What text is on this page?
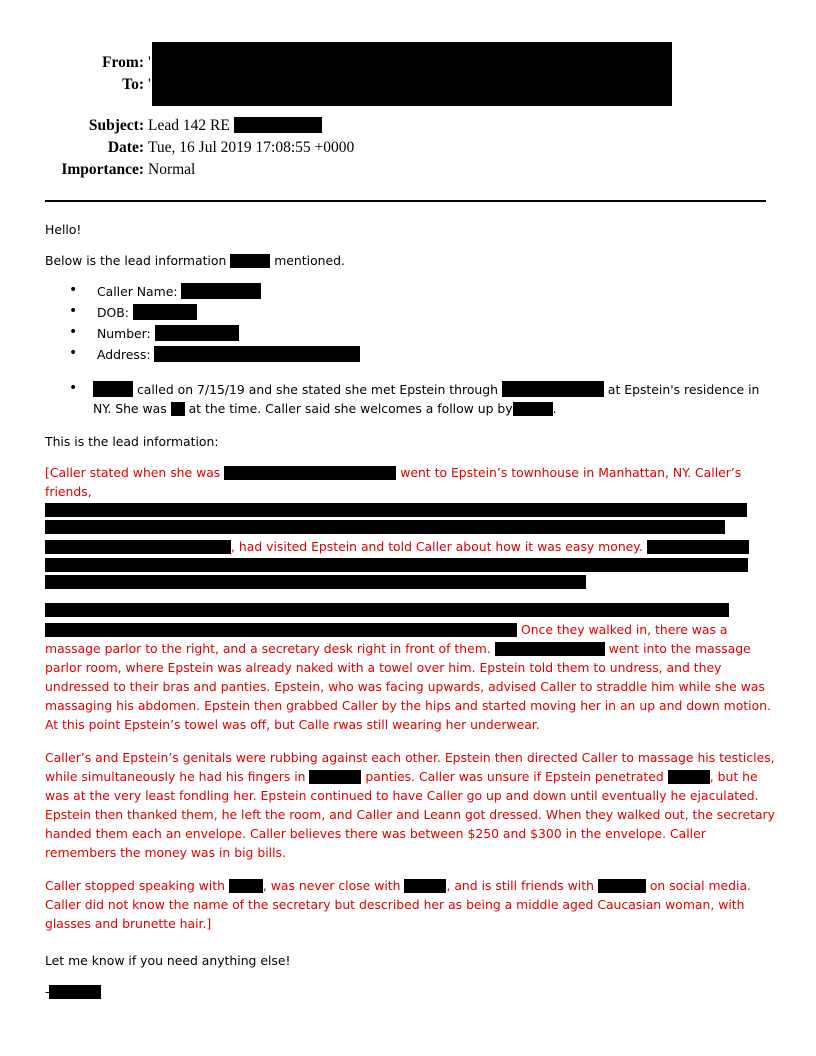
From: '
To: '
Subject: Lead 142 RE
Date: Tue, 16 Jul 2019 17:08:55 +0000
Importance: Normal

Hello!

Below is the lead information	mentioned.

• Caller Name:
• DOB:
• Number:
• Address:
• called on 7/15/19 and she stated she met Epstein through	at Epstein's residence in NY. She was at the time. Caller said she welcomes a follow up by	.

This is the lead information:

[Caller stated when she was	went to Epstein’s townhouse in Manhattan, NY. Caller’s friends,
, had visited Epstein and told Caller about how it was easy money.
Once they walked in, there was a massage parlor to the right, and a secretary desk right in front of them.	went into the massage parlor room, where Epstein was already naked with a towel over him. Epstein told them to undress, and they undressed to their bras and panties. Epstein, who was facing upwards, advised Caller to straddle him while she was massaging his abdomen. Epstein then grabbed Caller by the hips and started moving her in an up and down motion. At this point Epstein’s towel was off, but Calle rwas still wearing her underwear.
Caller’s and Epstein’s genitals were rubbing against each other. Epstein then directed Caller to massage his testicles, while simultaneously he had his fingers in	panties. Caller was unsure if Epstein penetrated	, but he was at the very least fondling her. Epstein continued to have Caller go up and down until eventually he ejaculated. Epstein then thanked them, he left the room, and Caller and Leann got dressed. When they walked out, the secretary handed them each an envelope. Caller believes there was between $250 and $300 in the envelope. Caller remembers the money was in big bills.
Caller stopped speaking with	, was never close with	, and is still friends with	on social media. Caller did not know the name of the secretary but described her as being a middle aged Caucasian woman, with glasses and brunette hair.]

Let me know if you need anything else!

-
